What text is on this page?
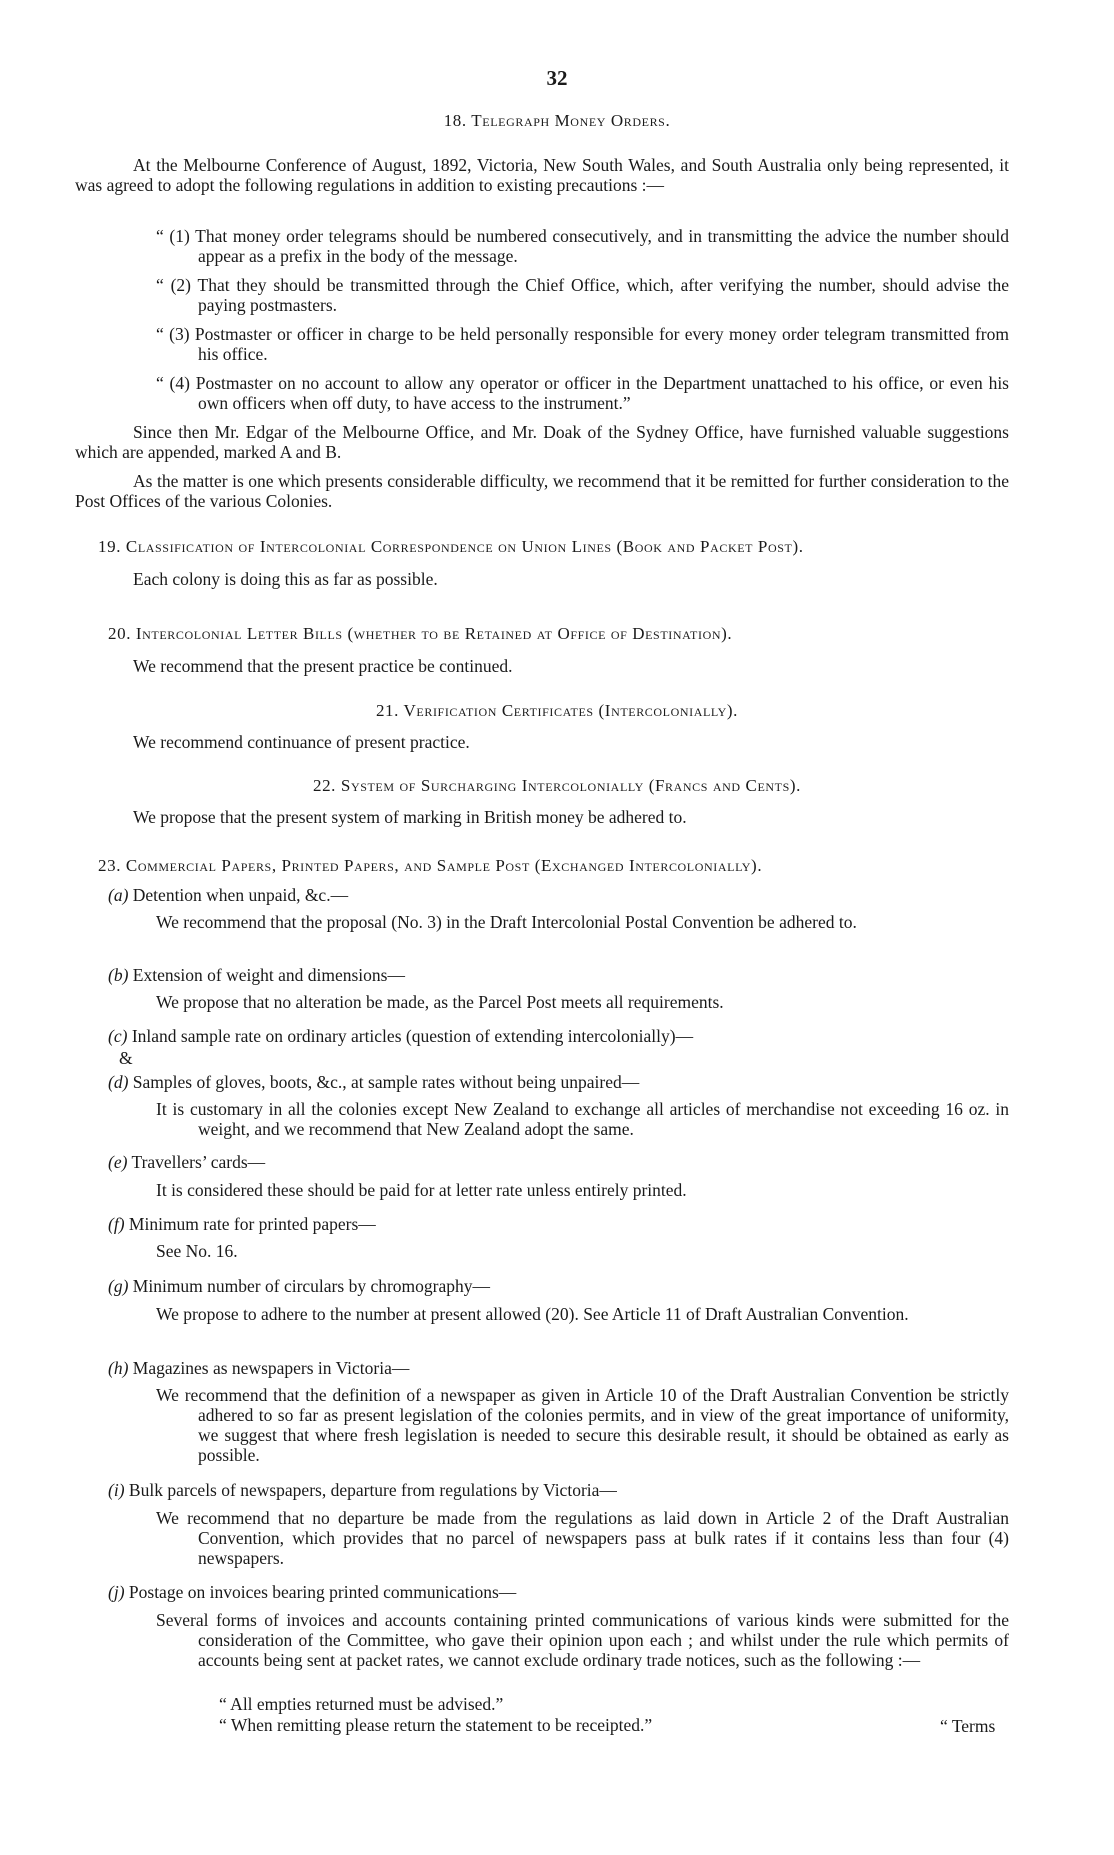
32
18. Telegraph Money Orders.
At the Melbourne Conference of August, 1892, Victoria, New South Wales, and South Australia only being represented, it was agreed to adopt the following regulations in addition to existing precautions :—
“ (1) That money order telegrams should be numbered consecutively, and in transmitting the advice the number should appear as a prefix in the body of the message.
“ (2) That they should be transmitted through the Chief Office, which, after verifying the number, should advise the paying postmasters.
“ (3) Postmaster or officer in charge to be held personally responsible for every money order telegram transmitted from his office.
“ (4) Postmaster on no account to allow any operator or officer in the Department unattached to his office, or even his own officers when off duty, to have access to the instrument.”
Since then Mr. Edgar of the Melbourne Office, and Mr. Doak of the Sydney Office, have furnished valuable suggestions which are appended, marked A and B.
As the matter is one which presents considerable difficulty, we recommend that it be remitted for further consideration to the Post Offices of the various Colonies.
19. Classification of Intercolonial Correspondence on Union Lines (Book and Packet Post).
Each colony is doing this as far as possible.
20. Intercolonial Letter Bills (whether to be Retained at Office of Destination).
We recommend that the present practice be continued.
21. Verification Certificates (Intercolonially).
We recommend continuance of present practice.
22. System of Surcharging Intercolonially (Francs and Cents).
We propose that the present system of marking in British money be adhered to.
23. Commercial Papers, Printed Papers, and Sample Post (Exchanged Intercolonially).
(a) Detention when unpaid, &c.—
We recommend that the proposal (No. 3) in the Draft Intercolonial Postal Convention be adhered to.
(b) Extension of weight and dimensions—
We propose that no alteration be made, as the Parcel Post meets all requirements.
(c) Inland sample rate on ordinary articles (question of extending intercolonially)—
&
(d) Samples of gloves, boots, &c., at sample rates without being unpaired—
It is customary in all the colonies except New Zealand to exchange all articles of merchandise not exceeding 16 oz. in weight, and we recommend that New Zealand adopt the same.
(e) Travellers’ cards—
It is considered these should be paid for at letter rate unless entirely printed.
(f) Minimum rate for printed papers—
See No. 16.
(g) Minimum number of circulars by chromography—
We propose to adhere to the number at present allowed (20). See Article 11 of Draft Australian Convention.
(h) Magazines as newspapers in Victoria—
We recommend that the definition of a newspaper as given in Article 10 of the Draft Australian Convention be strictly adhered to so far as present legislation of the colonies permits, and in view of the great importance of uniformity, we suggest that where fresh legislation is needed to secure this desirable result, it should be obtained as early as possible.
(i) Bulk parcels of newspapers, departure from regulations by Victoria—
We recommend that no departure be made from the regulations as laid down in Article 2 of the Draft Australian Convention, which provides that no parcel of newspapers pass at bulk rates if it contains less than four (4) newspapers.
(j) Postage on invoices bearing printed communications—
Several forms of invoices and accounts containing printed communications of various kinds were submitted for the consideration of the Committee, who gave their opinion upon each ; and whilst under the rule which permits of accounts being sent at packet rates, we cannot exclude ordinary trade notices, such as the following :—
“ All empties returned must be advised.”
“ When remitting please return the statement to be receipted.”	“ Terms
